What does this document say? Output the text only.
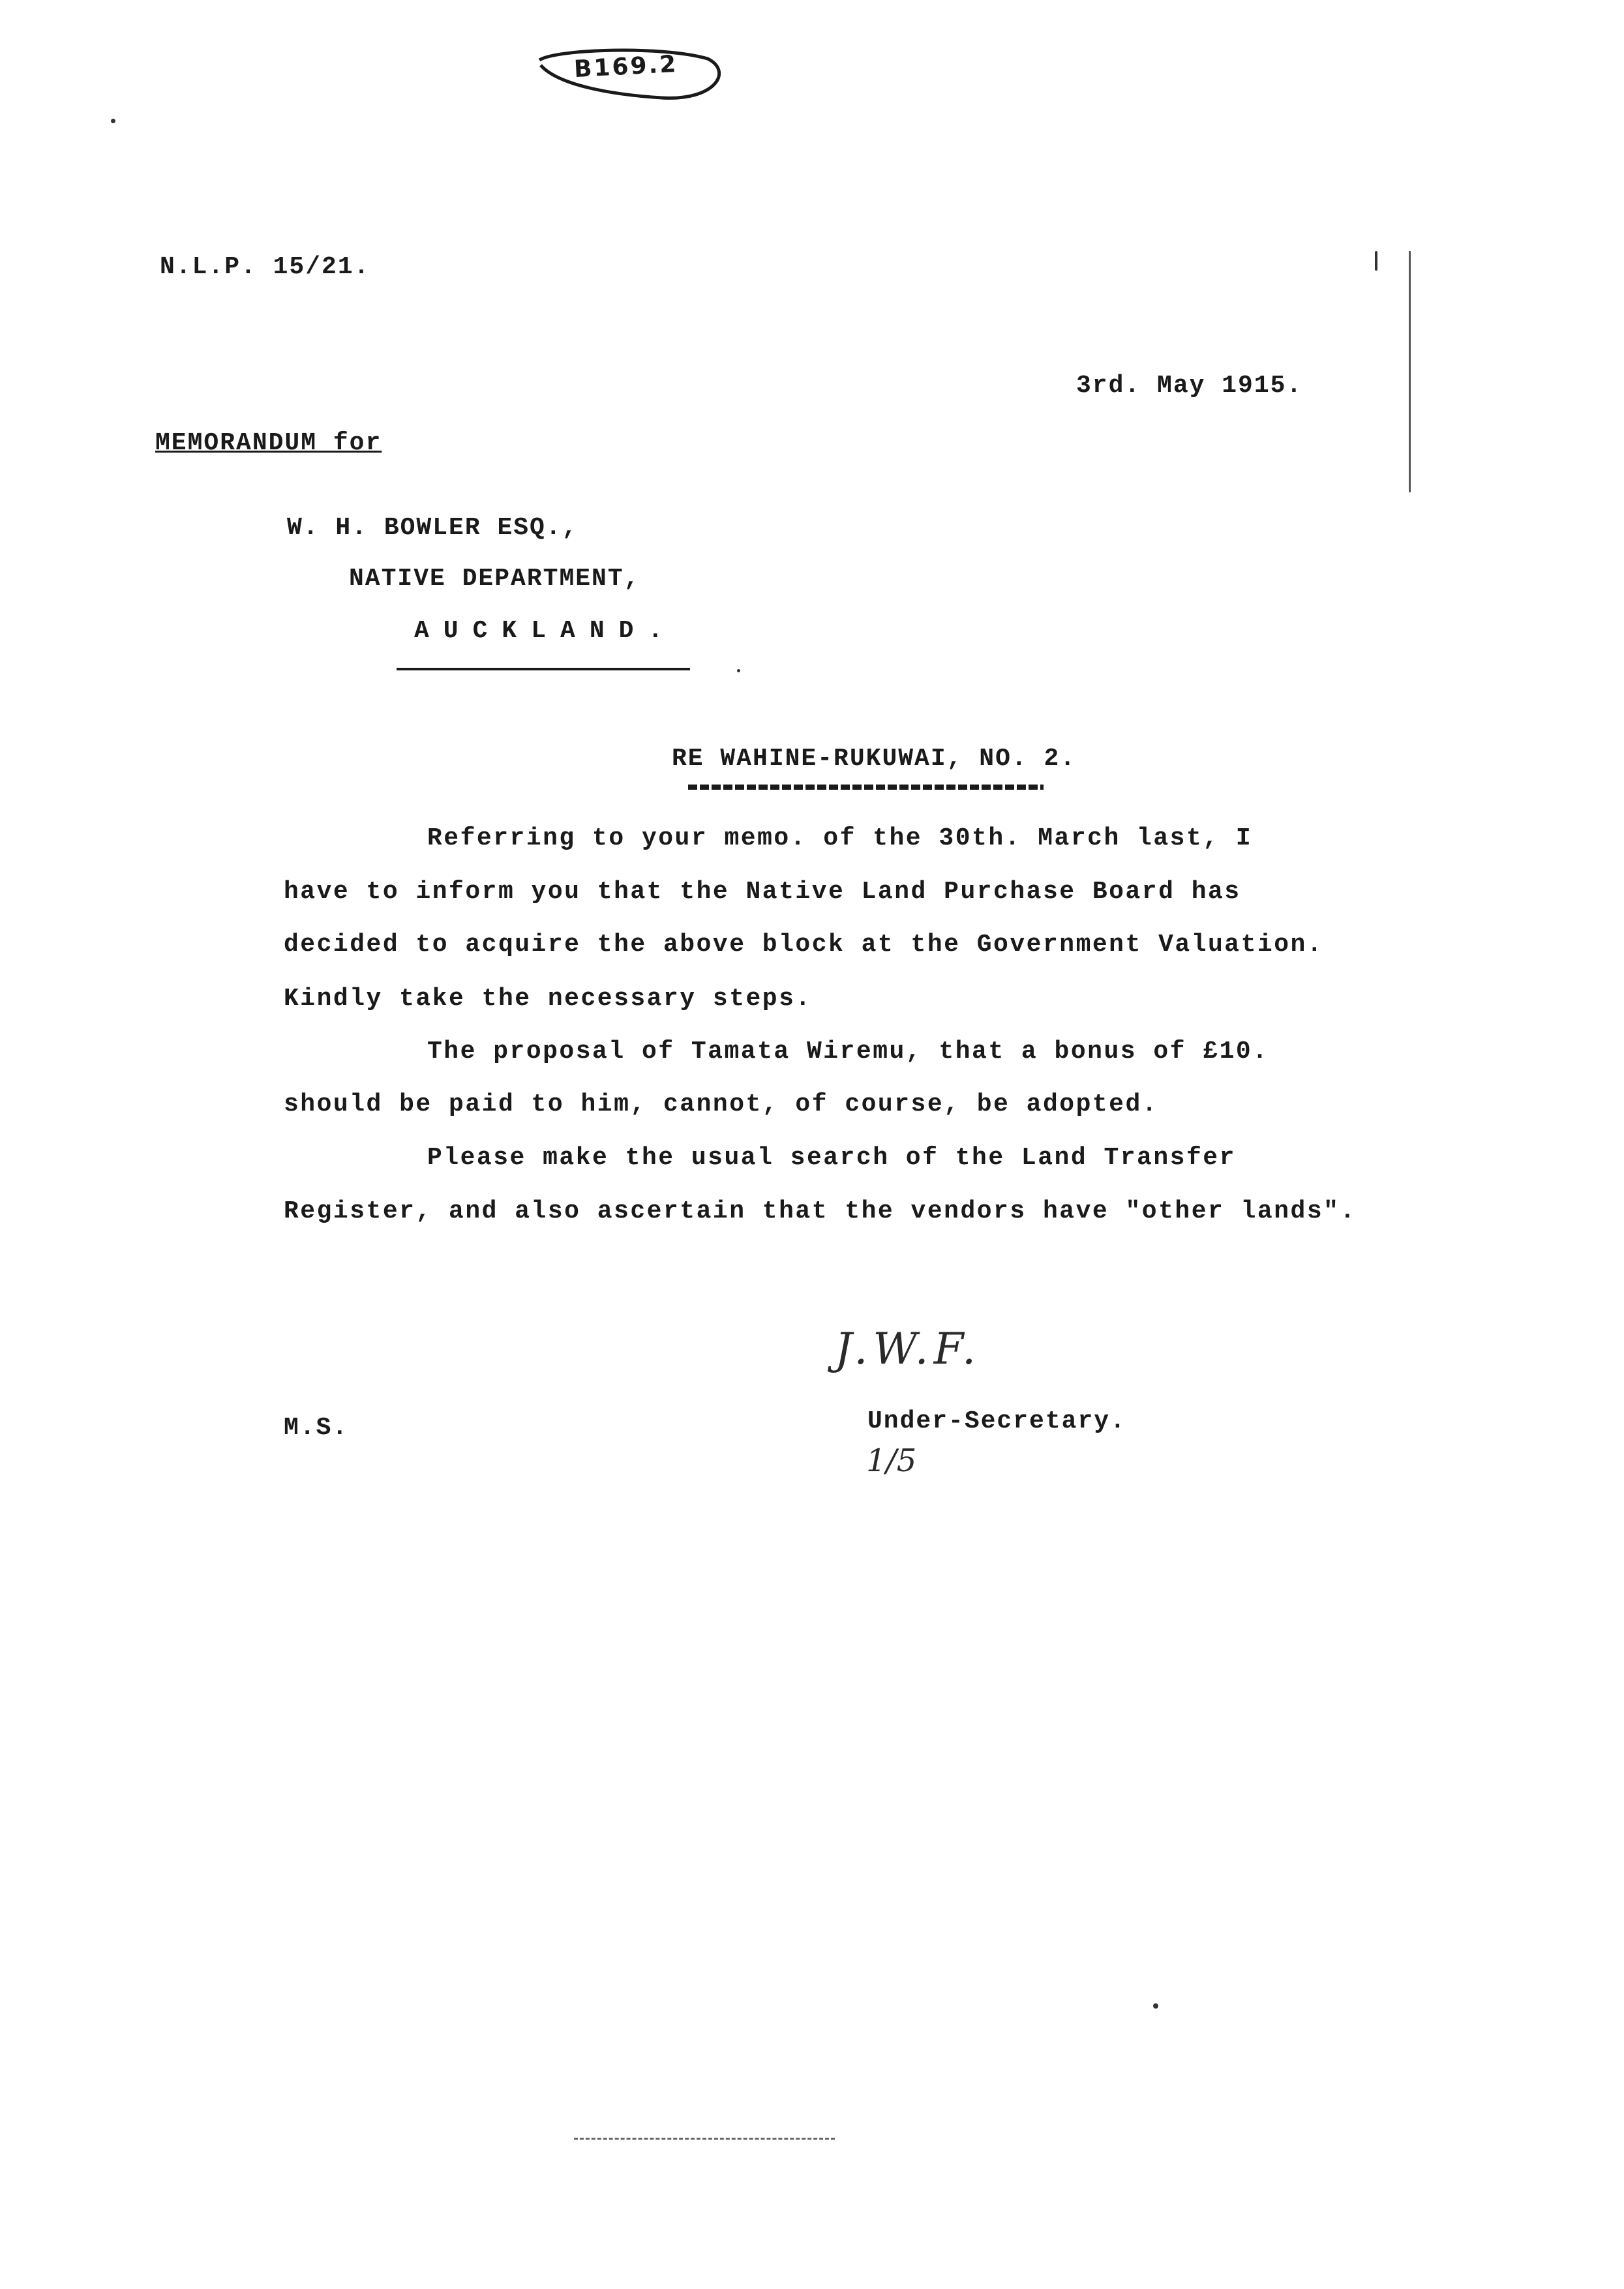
B169.2
N.L.P. 15/21.
3rd. May 1915.
MEMORANDUM for
W. H. BOWLER ESQ.,
NATIVE DEPARTMENT,
AUCKLAND.
RE WAHINE-RUKUWAI, NO. 2.
Referring to your memo. of the 30th. March last, I
have to inform you that the Native Land Purchase Board has
decided to acquire the above block at the Government Valuation.
Kindly take the necessary steps.
The proposal of Tamata Wiremu, that a bonus of £10.
should be paid to him, cannot, of course, be adopted.
Please make the usual search of the Land Transfer
Register, and also ascertain that the vendors have "other lands".
J.W.F.
M.S.	Under-Secretary.
1/5
